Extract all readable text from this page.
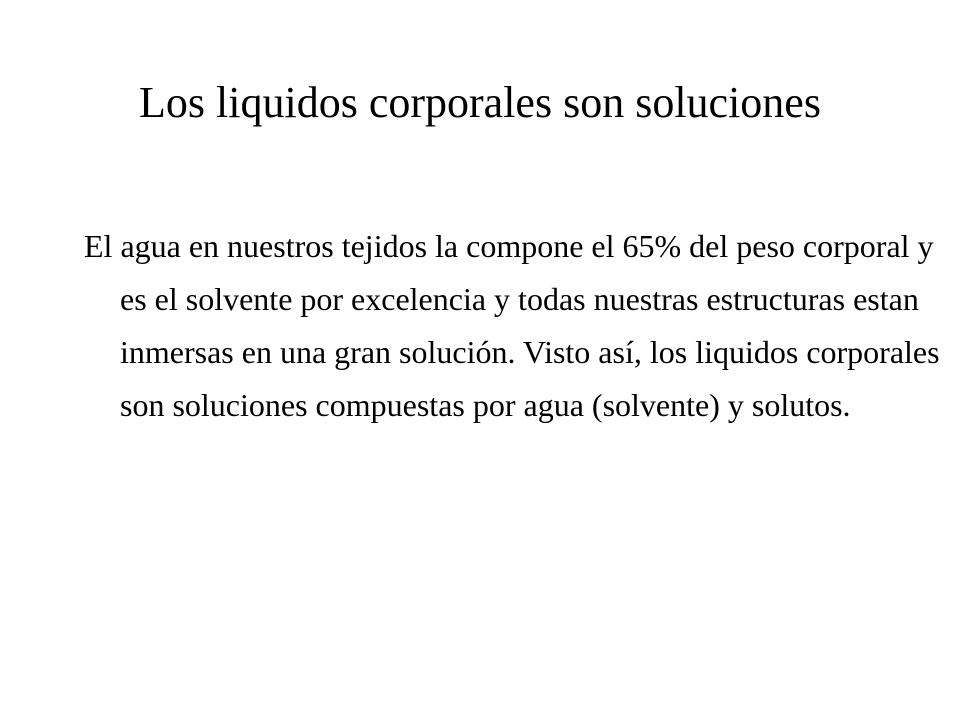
Los liquidos corporales son soluciones

El agua en nuestros tejidos la compone el 65% del peso corporal y es el solvente por excelencia y todas nuestras estructuras estan inmersas en una gran solución. Visto así, los liquidos corporales son soluciones compuestas por agua (solvente) y solutos.
